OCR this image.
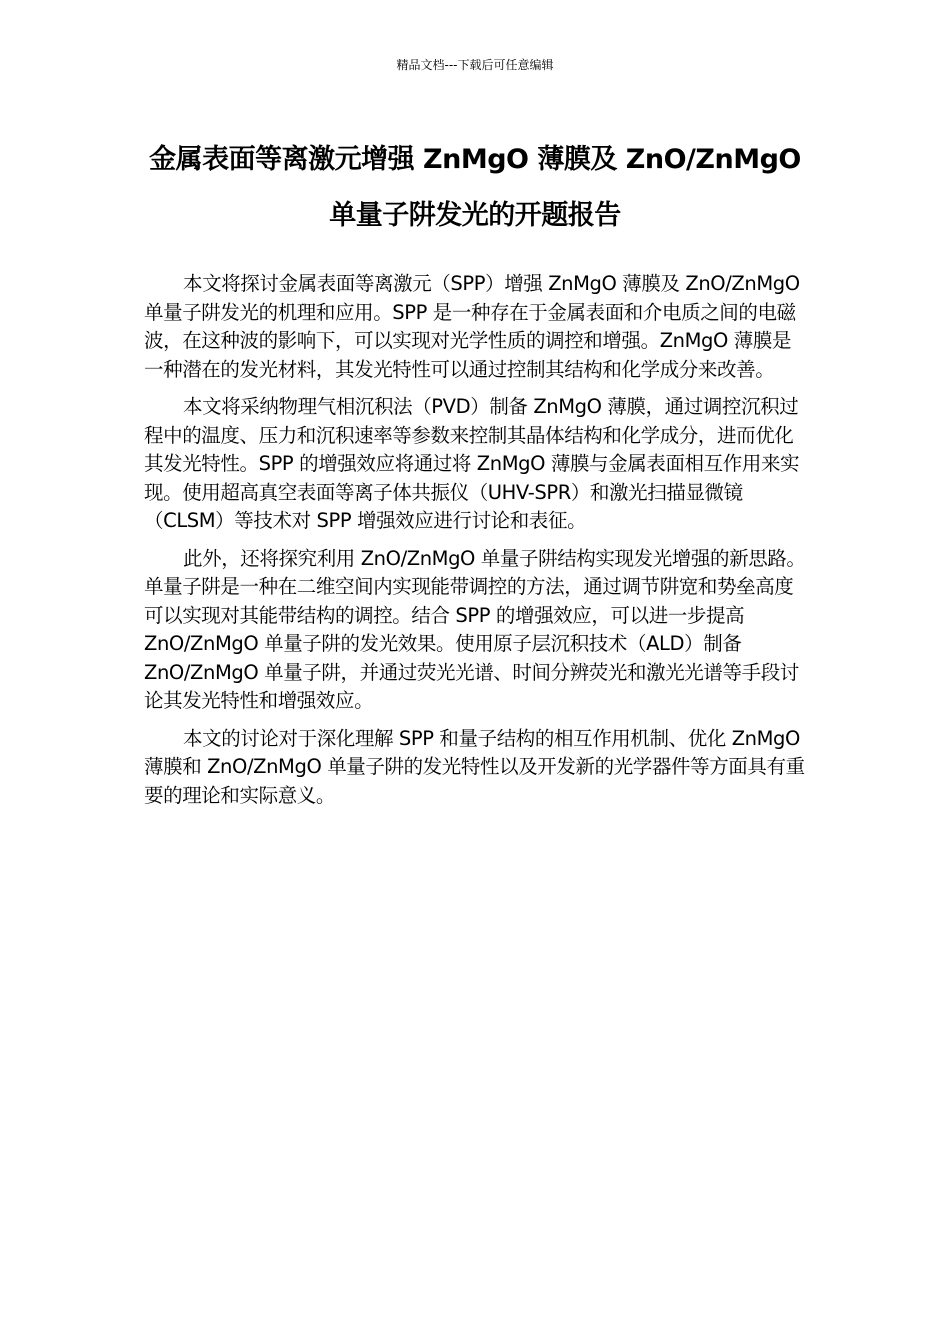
精品文档---下载后可任意编辑
金属表面等离激元增强 ZnMgO 薄膜及 ZnO/ZnMgO
单量子阱发光的开题报告

本文将探讨金属表面等离激元（SPP）增强 ZnMgO 薄膜及 ZnO/ZnMgO 单量子阱发光的机理和应用。SPP 是一种存在于金属表面和介电质之间的电磁波，在这种波的影响下，可以实现对光学性质的调控和增强。ZnMgO 薄膜是一种潜在的发光材料，其发光特性可以通过控制其结构和化学成分来改善。

本文将采纳物理气相沉积法（PVD）制备 ZnMgO 薄膜，通过调控沉积过程中的温度、压力和沉积速率等参数来控制其晶体结构和化学成分，进而优化其发光特性。SPP 的增强效应将通过将 ZnMgO 薄膜与金属表面相互作用来实现。使用超高真空表面等离子体共振仪（UHV-SPR）和激光扫描显微镜（CLSM）等技术对 SPP 增强效应进行讨论和表征。

此外，还将探究利用 ZnO/ZnMgO 单量子阱结构实现发光增强的新思路。单量子阱是一种在二维空间内实现能带调控的方法，通过调节阱宽和势垒高度可以实现对其能带结构的调控。结合 SPP 的增强效应，可以进一步提高 ZnO/ZnMgO 单量子阱的发光效果。使用原子层沉积技术（ALD）制备 ZnO/ZnMgO 单量子阱，并通过荧光光谱、时间分辨荧光和激光光谱等手段讨论其发光特性和增强效应。

本文的讨论对于深化理解 SPP 和量子结构的相互作用机制、优化 ZnMgO 薄膜和 ZnO/ZnMgO 单量子阱的发光特性以及开发新的光学器件等方面具有重要的理论和实际意义。
